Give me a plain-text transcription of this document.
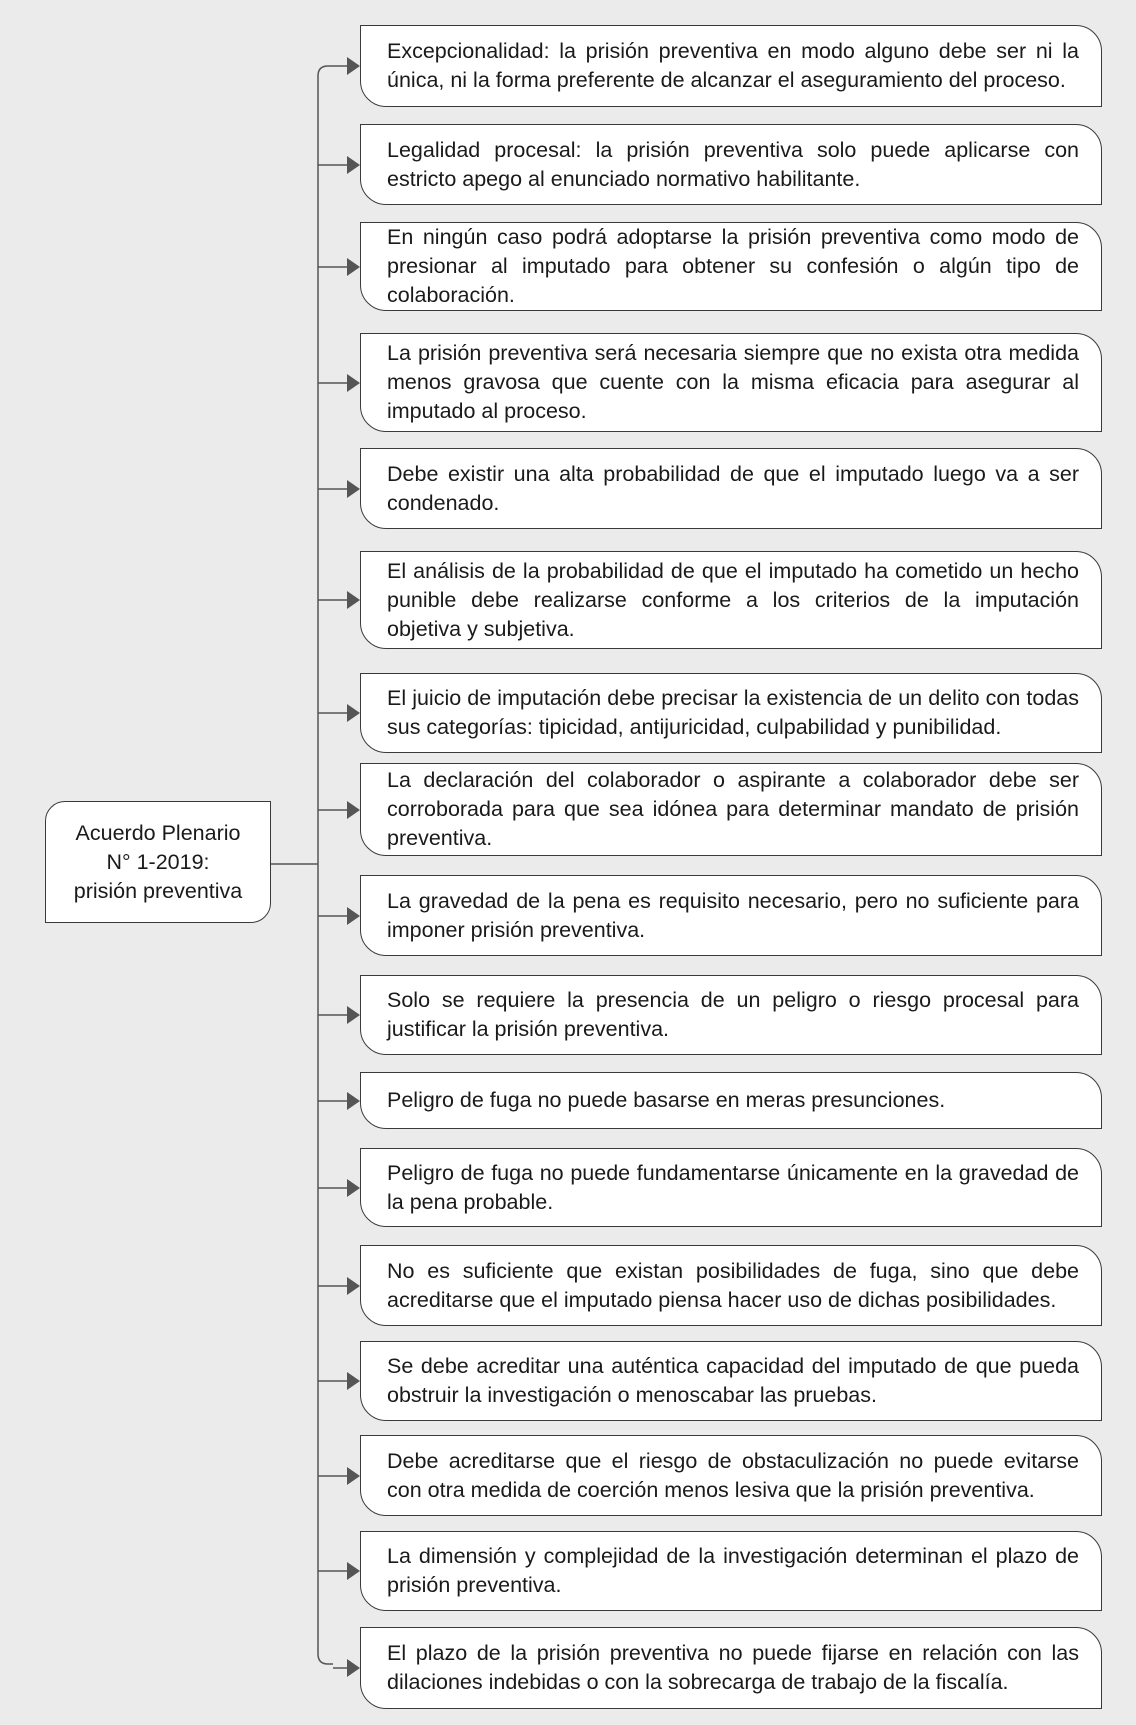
Acuerdo Plenario
N° 1-2019:
prisión preventiva
Excepcionalidad: la prisión preventiva en modo alguno debe ser ni la única, ni la forma preferente de alcanzar el aseguramiento del proceso.
Legalidad procesal: la prisión preventiva solo puede aplicarse con estricto apego al enunciado normativo habilitante.
En ningún caso podrá adoptarse la prisión preventiva como modo de presionar al imputado para obtener su confesión o algún tipo de colaboración.
La prisión preventiva será necesaria siempre que no exista otra medida menos gravosa que cuente con la misma eficacia para asegurar al imputado al proceso.
Debe existir una alta probabilidad de que el imputado luego va a ser condenado.
El análisis de la probabilidad de que el imputado ha cometido un hecho punible debe realizarse conforme a los criterios de la imputación objetiva y subjetiva.
El juicio de imputación debe precisar la existencia de un delito con todas sus categorías: tipicidad, antijuricidad, culpabilidad y punibilidad.
La declaración del colaborador o aspirante a colaborador debe ser corroborada para que sea idónea para determinar mandato de prisión preventiva.
La gravedad de la pena es requisito necesario, pero no suficiente para imponer prisión preventiva.
Solo se requiere la presencia de un peligro o riesgo procesal para justificar la prisión preventiva.
Peligro de fuga no puede basarse en meras presunciones.
Peligro de fuga no puede fundamentarse únicamente en la gravedad de la pena probable.
No es suficiente que existan posibilidades de fuga, sino que debe acreditarse que el imputado piensa hacer uso de dichas posibilidades.
Se debe acreditar una auténtica capacidad del imputado de que pueda obstruir la investigación o menoscabar las pruebas.
Debe acreditarse que el riesgo de obstaculización no puede evitarse con otra medida de coerción menos lesiva que la prisión preventiva.
La dimensión y complejidad de la investigación determinan el plazo de prisión preventiva.
El plazo de la prisión preventiva no puede fijarse en relación con las dilaciones indebidas o con la sobrecarga de trabajo de la fiscalía.
